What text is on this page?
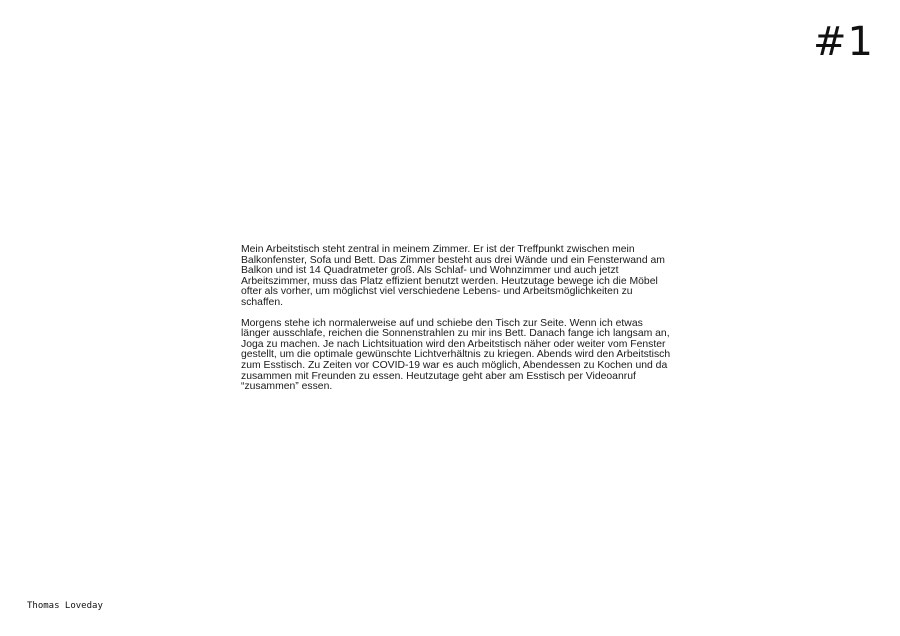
#1

Mein Arbeitstisch steht zentral in meinem Zimmer. Er ist der Treffpunkt zwischen mein Balkonfenster, Sofa und Bett. Das Zimmer besteht aus drei Wände und ein Fensterwand am Balkon und ist 14 Quadratmeter groß. Als Schlaf- und Wohnzimmer und auch jetzt Arbeitszimmer, muss das Platz effizient benutzt werden. Heutzutage bewege ich die Möbel ofter als vorher, um möglichst viel verschiedene Lebens- und Arbeitsmöglichkeiten zu schaffen.

Morgens stehe ich normalerweise auf und schiebe den Tisch zur Seite. Wenn ich etwas länger ausschlafe, reichen die Sonnenstrahlen zu mir ins Bett. Danach fange ich langsam an, Joga zu machen. Je nach Lichtsituation wird den Arbeitstisch näher oder weiter vom Fenster gestellt, um die optimale gewünschte Lichtverhältnis zu kriegen. Abends wird den Arbeitstisch zum Esstisch. Zu Zeiten vor COVID-19 war es auch möglich, Abendessen zu Kochen und da zusammen mit Freunden zu essen. Heutzutage geht aber am Esstisch per Videoanruf “zusammen” essen.

Thomas Loveday
